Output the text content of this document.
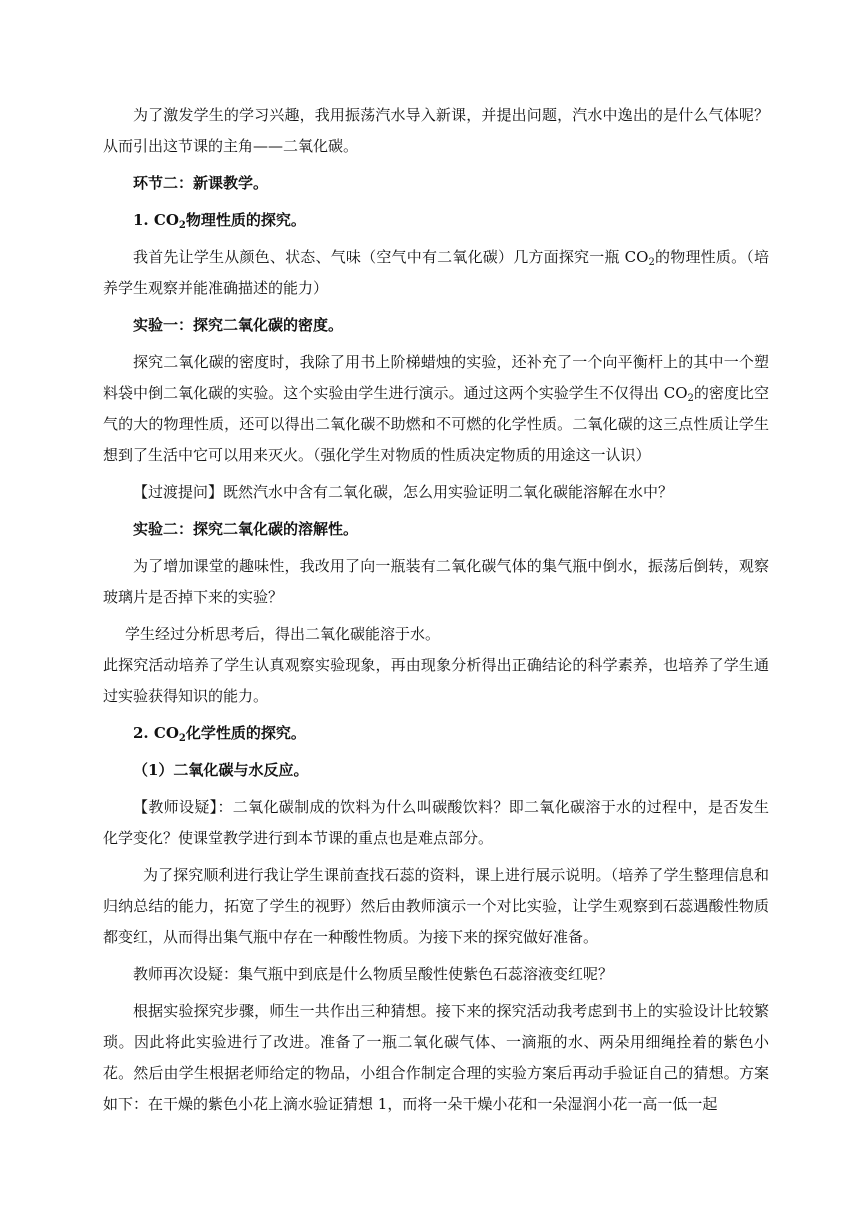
为了激发学生的学习兴趣，我用振荡汽水导入新课，并提出问题，汽水中逸出的是什么气体呢？从而引出这节课的主角——二氧化碳。

环节二：新课教学。

1. $CO_2$物理性质的探究。

我首先让学生从颜色、状态、气味（空气中有二氧化碳）几方面探究一瓶 $CO_2$的物理性质。（培养学生观察并能准确描述的能力）

实验一：探究二氧化碳的密度。

探究二氧化碳的密度时，我除了用书上阶梯蜡烛的实验，还补充了一个向平衡杆上的其中一个塑料袋中倒二氧化碳的实验。这个实验由学生进行演示。通过这两个实验学生不仅得出 $CO_2$的密度比空气的大的物理性质，还可以得出二氧化碳不助燃和不可燃的化学性质。二氧化碳的这三点性质让学生想到了生活中它可以用来灭火。（强化学生对物质的性质决定物质的用途这一认识）

【过渡提问】既然汽水中含有二氧化碳，怎么用实验证明二氧化碳能溶解在水中？

实验二：探究二氧化碳的溶解性。

为了增加课堂的趣味性，我改用了向一瓶装有二氧化碳气体的集气瓶中倒水，振荡后倒转，观察玻璃片是否掉下来的实验？

学生经过分析思考后，得出二氧化碳能溶于水。

此探究活动培养了学生认真观察实验现象，再由现象分析得出正确结论的科学素养，也培养了学生通过实验获得知识的能力。

2. $CO_2$化学性质的探究。

（1）二氧化碳与水反应。

【教师设疑】：二氧化碳制成的饮料为什么叫碳酸饮料？即二氧化碳溶于水的过程中，是否发生化学变化？使课堂教学进行到本节课的重点也是难点部分。

为了探究顺利进行我让学生课前查找石蕊的资料，课上进行展示说明。（培养了学生整理信息和归纳总结的能力，拓宽了学生的视野）然后由教师演示一个对比实验，让学生观察到石蕊遇酸性物质都变红，从而得出集气瓶中存在一种酸性物质。为接下来的探究做好准备。

教师再次设疑：集气瓶中到底是什么物质呈酸性使紫色石蕊溶液变红呢？

根据实验探究步骤，师生一共作出三种猜想。接下来的探究活动我考虑到书上的实验设计比较繁琐。因此将此实验进行了改进。准备了一瓶二氧化碳气体、一滴瓶的水、两朵用细绳拴着的紫色小花。然后由学生根据老师给定的物品，小组合作制定合理的实验方案后再动手验证自己的猜想。方案如下：在干燥的紫色小花上滴水验证猜想 1，而将一朵干燥小花和一朵湿润小花一高一低一起
